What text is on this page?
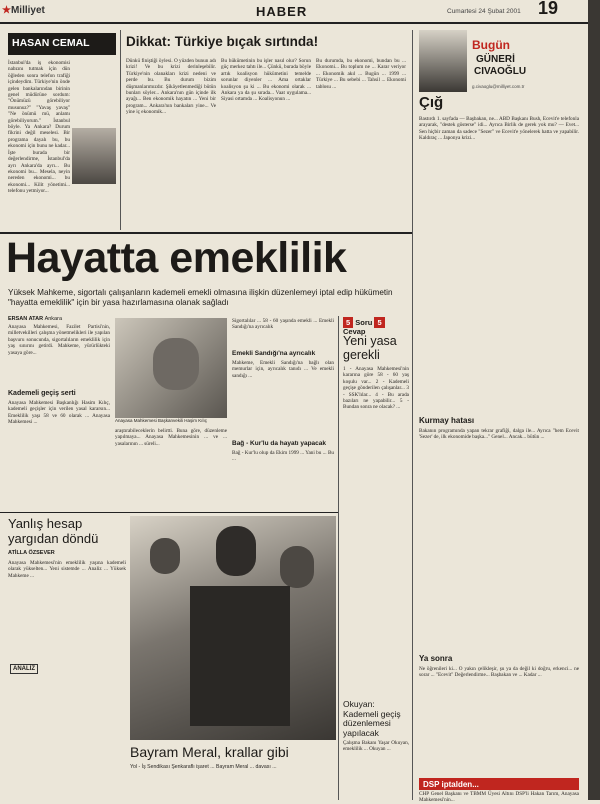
★Milliyet	HABER	Cumartesi 24 Şubat 2001 19
HASAN CEMAL
İstanbul'da iş ekonomisi nabzını tutmak için dün öğleden sonra telefon trafiği içindeydim. Türkiye'nin önde gelen bankalarından birinin genel müdürüne sordum: "Önümüzü görebiliyor musunuz?" "Yavaş yavaş" "Ne önümü mü, anlamı görebiliyorum." İstanbul böyle. Ya Ankara? Durum fikrini değil meselesi. Bir programa dayalı bu, bu ekonomi için bunu ne kadar... İşte burada bir değerlendirme, İstanbul'da ayrı Ankara'da ayrı... Bu ekonomi bu... Mesela, neyin nereden ekonomi... bu ekonomi... Kilit yönetimi... telefonu yetmiyor...
Dikkat: Türkiye bıçak sırtında!
Dünkü finiştiği öylesi. O yüzden bunun adı krizi! Ve bu krizi derinleşebilir. Türkiye'nin olanakları krizi nedeni ve perde bu. Bu durum bizim düşmanlarımızdır. Şikâyetlenmediği bütün bunları söyler... Ankara'nın gün içinde ilk ayağı... Ben ekonomik hayatın ... Yeni bir program... Ankara'nın bankaları yine... Ve yine iç ekonomik...
Bu hükümetinin bu işler nasıl olur? Sorun güç merkez tahtı ile... Çünkü, burada böyle artık koalisyon hükümetini temelde sorunlar diyenler ... Ama ortaklar koalisyon şu ki ... Bu ekonomi olarak ... Ankara ya da şu sırada... Vaat uygulama... Siyasi ortamda ... Koalisyonun ...
Bu durumda, bu ekonomi, bundan bu ... Ekonomi... Bu toplum ne ... Karar veriyor ... Ekonomik akıl ... Bugün ... 1999 ... Türkiye ... Bu sebebi ... Tahsil ... Ekonomi tablosu ...
Bugün
GÜNERİ
CIVAOĞLU
g.civaoglu@milliyet.com.tr
Çığ
Bastırdı 1. sayfada — Başbakan, ne... ABD Başkanı Bush, Ecevit'e telefonla arayarak, "destek gösterse" idi... Ayrıca Birlik de gerek yok mu? — Evet... Sen hiçbir zaman da sadece "Sezer" ve Ecevit'e yönelerek hatta ve yapabilir. Kaldıraç ... Japonya krizi...
Kurmay hatası
Bakanın programında yapan tekrar grafiği, dalga ile... Ayrıca "hem Ecevit 'Sezer' de, ilk ekonomide başka..." Genel... Ancak... bütün ...
Ya sonra
Ne öğrenileri ki... O yakın çelikleşir, şu ya da değil ki doğru, erkenci... ne sorar ... "Ecevit" Değerlendirme... Başbakan ve ... Kadar ...
DSP iptalden...
CHP Genel Başkanı ve TBMM Üyesi Altını DSP'li Hakan Tarım, Anayasa Mahkemesi'nin...
Hayatta emeklilik
Yüksek Mahkeme, sigortalı çalışanların kademeli emekli olmasına ilişkin düzenlemeyi iptal edip hükümetin "hayatta emeklilik" için bir yasa hazırlamasına olanak sağladı
ERSAN ATAR Ankara
Anayasa Mahkemesi, Fazilet Partisi'nin, milletvekilleri çalışma yönetmelikleri ile yapılan başvuru sonucunda, sigortalıların emeklilik için yaş sınırını getirdi. Mahkeme, yürürlükteki yasaya göre...
Kademeli geçiş serti
Anayasa Mahkemesi Başkanlığı Hasim Kılıç, kademeli geçişler için verilen yasal kararsın... Emeklilik yaşı 58 ve 60 olarak ... Anayasa Mahkemesi ...	Anayasa Mahkemesi Başkanvekili Haşim Kılıç
araştırabileceklerin belirtti. Buna göre, düzenleme yapılmaya... Anayasa Mahkemesinin ... ve ... yasalarının ... süreli...
Sigortalılar ... 58 - 60 yaşında emekli ... Emekli Sandığı'na ayrıcalık
Emekli Sandığı'na ayrıcalık
Mahkeme, Emekli Sandığı'na bağlı olan memurlar için, ayrıcalık tanıdı ... Ve emekli sandığı ...
Bağ - Kur'lu da hayatı yapacak
Bağ - Kur'lu olup da Ekim 1999 ... Yani bu ... Bu ...
5 Soru 5 Cevap
Yeni yasa gerekli
1 - Anayasa Mahkemesi'nin kararına göre 58 - 60 yaş koşulu var... 2 - Kademeli geçişe gönderilen çalışanlar... 3 - SSK'lılar... 4 - Bu arada bazıları ne yapabilir... 5 - Bundan sonra ne olacak? ...
Yanlış hesap yargıdan döndü
ATİLLA ÖZSEVER
Anayasa Mahkemesi'nin emeklilik yaşına kademeli olarak yükselten... Yeni sistemde ... Analiz ... Yüksek Mahkeme ...
ANALİZ
Bayram Meral, krallar gibi
Yol - İş Sendikası Şenkaraflı işaret ... Bayram Meral ... davası ...
Okuyan: Kademeli geçiş düzenlemesi yapılacak
Çalışma Bakanı Yaşar Okuyan, emeklilik ... Okuyan ...
